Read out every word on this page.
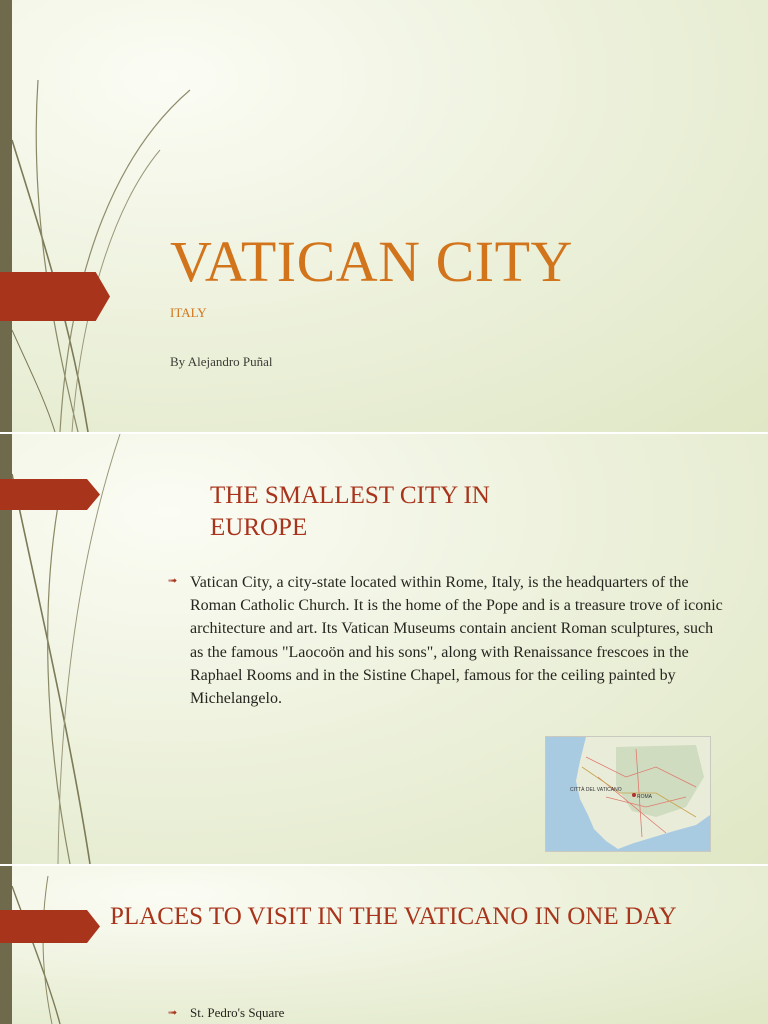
VATICAN CITY
ITALY
By Alejandro Puñal
THE SMALLEST CITY IN EUROPE
➟ Vatican City, a city-state located within Rome, Italy, is the headquarters of the Roman Catholic Church. It is the home of the Pope and is a treasure trove of iconic architecture and art. Its Vatican Museums contain ancient Roman sculptures, such as the famous "Laocoön and his sons", along with Renaissance frescoes in the Raphael Rooms and in the Sistine Chapel, famous for the ceiling painted by Michelangelo.

CITTÀ DEL VATICANO
ROMA
PLACES TO VISIT IN THE VATICANO IN ONE DAY
➟ St. Pedro's Square
